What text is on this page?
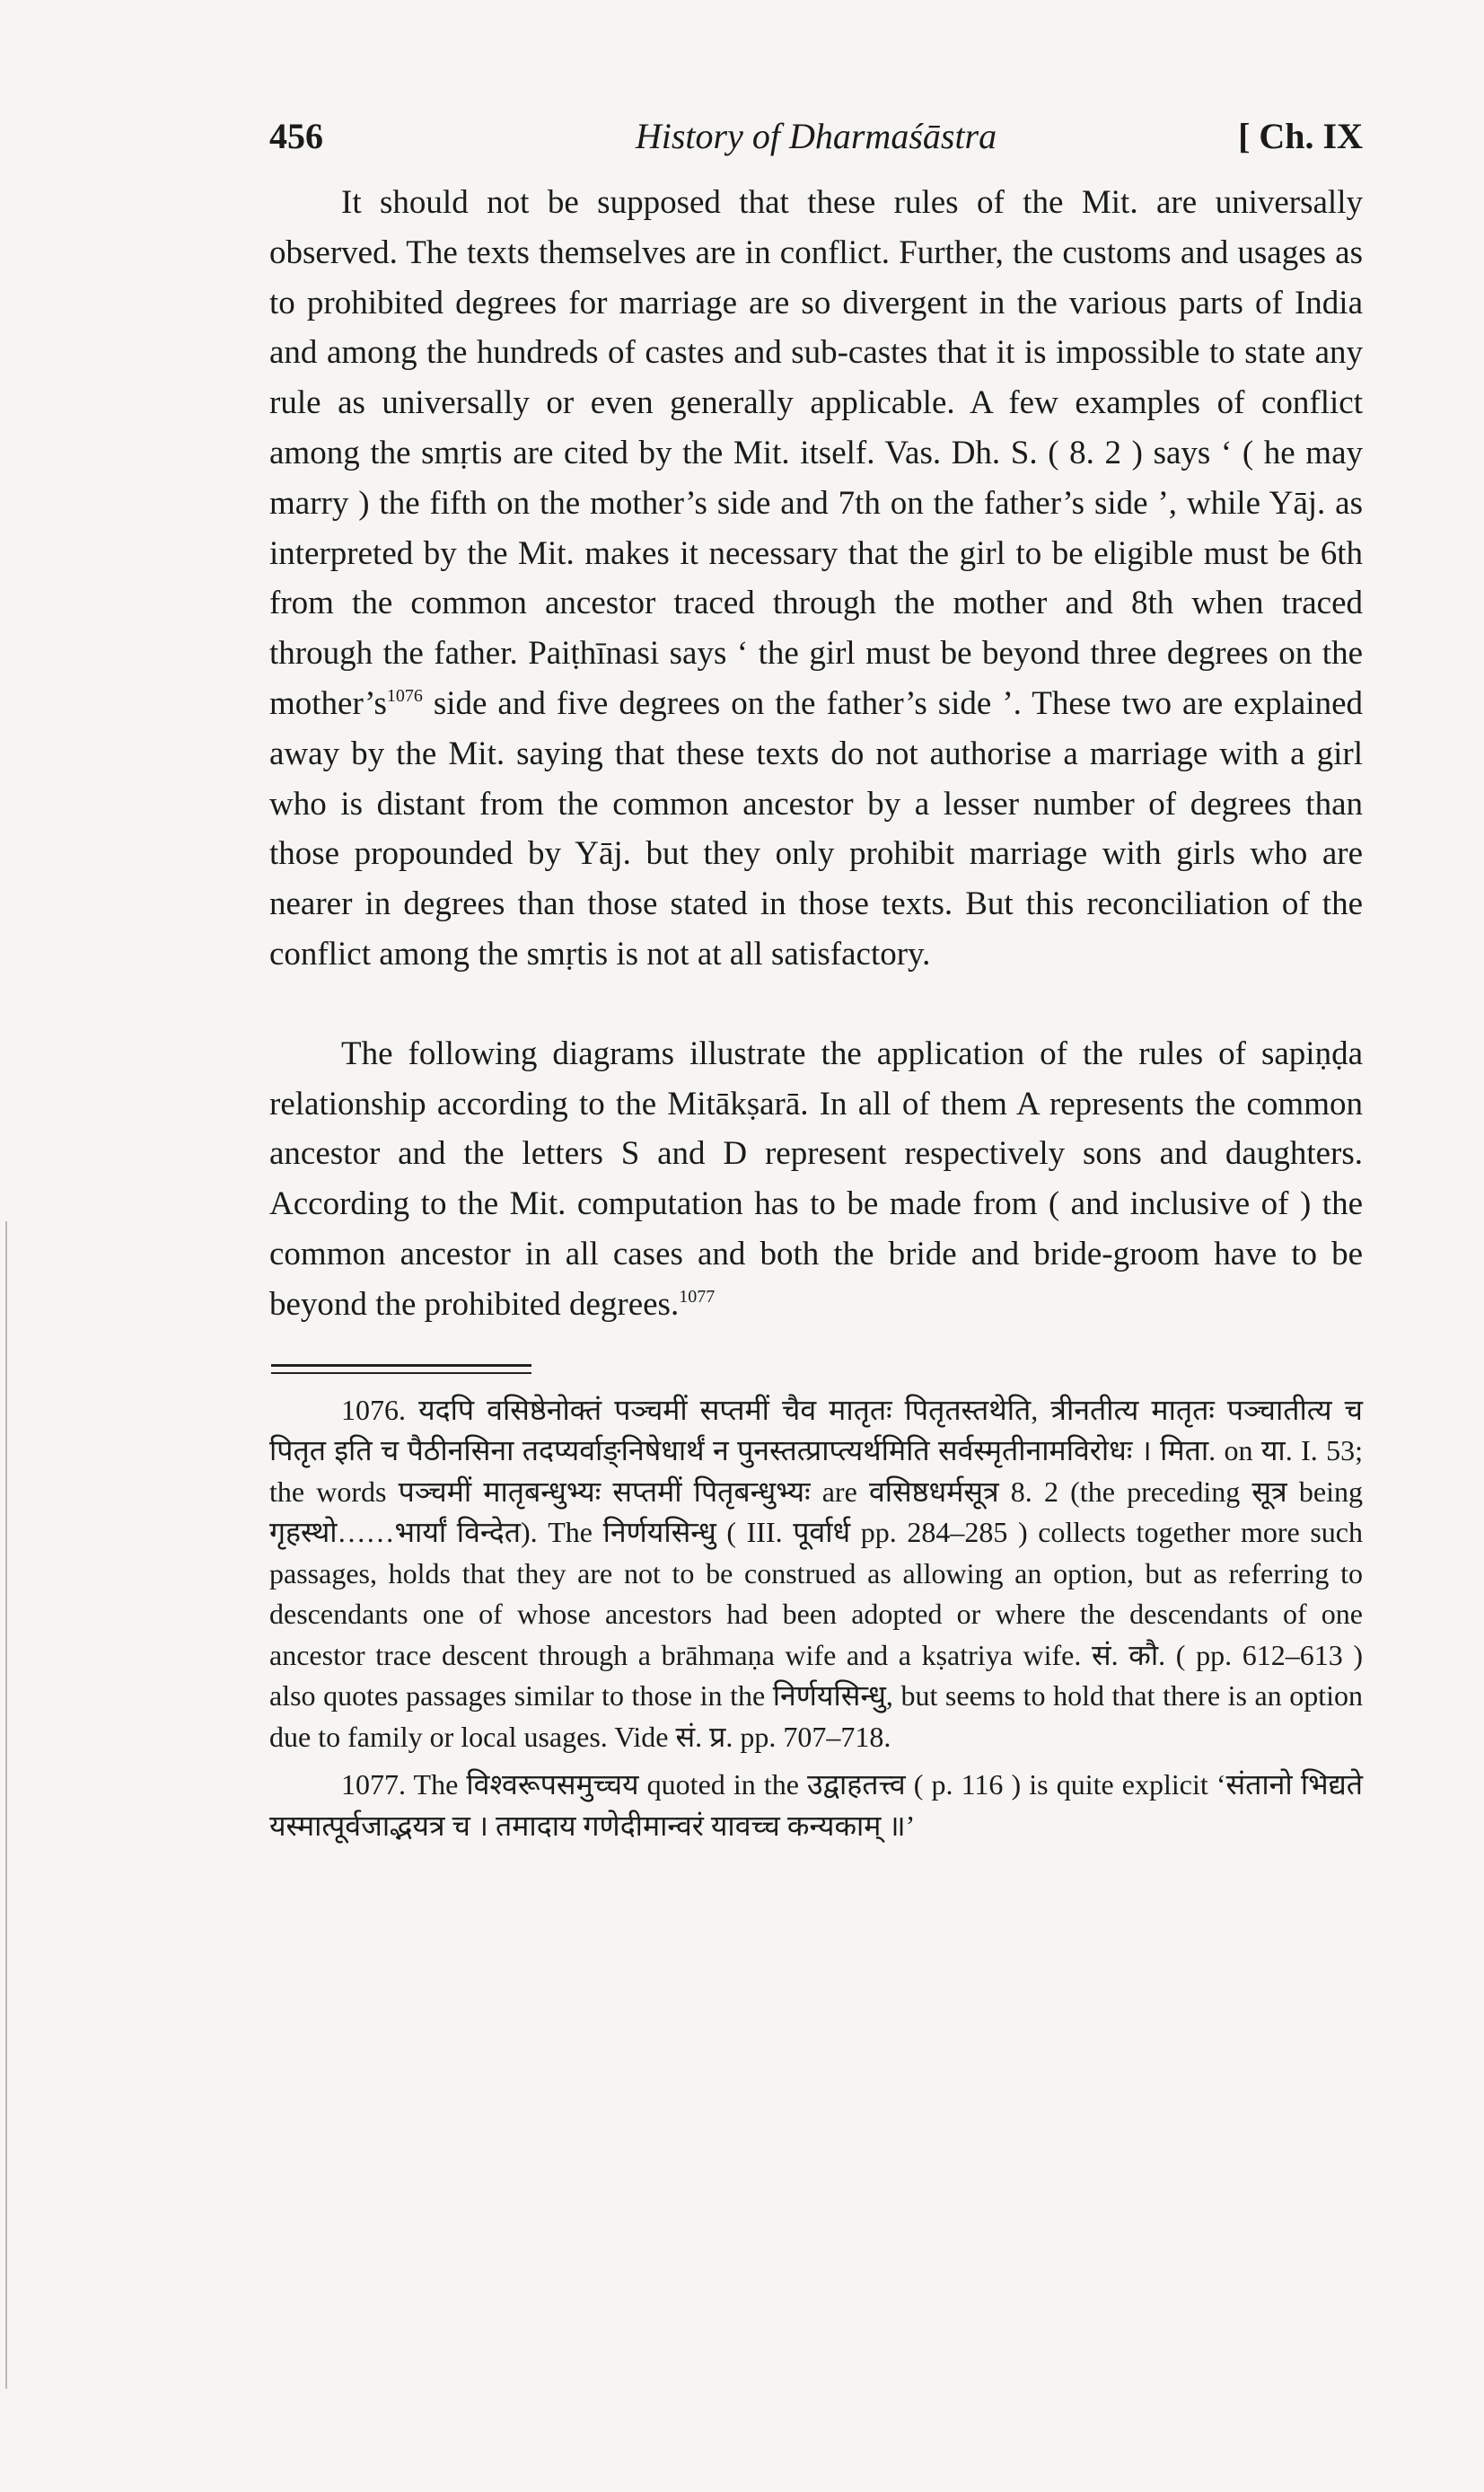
456	History of Dharmaśāstra	[ Ch. IX

It should not be supposed that these rules of the Mit. are universally observed. The texts themselves are in conflict. Further, the customs and usages as to prohibited degrees for marriage are so divergent in the various parts of India and among the hundreds of castes and sub-castes that it is impossible to state any rule as universally or even generally applicable. A few examples of conflict among the smṛtis are cited by the Mit. itself. Vas. Dh. S. ( 8. 2 ) says ‘ ( he may marry ) the fifth on the mother’s side and 7th on the father’s side ’, while Yāj. as interpreted by the Mit. makes it necessary that the girl to be eligible must be 6th from the common ancestor traced through the mother and 8th when traced through the father. Paiṭhīnasi says ‘ the girl must be beyond three degrees on the $mother’s^{1076}$ side and five degrees on the father’s side ’. These two are explained away by the Mit. saying that these texts do not authorise a marriage with a girl who is distant from the common ancestor by a lesser number of degrees than those propounded by Yāj. but they only prohibit marriage with girls who are nearer in degrees than those stated in those texts. But this reconciliation of the conflict among the smṛtis is not at all satisfactory.

The following diagrams illustrate the application of the rules of sapiṇḍa relationship according to the Mitākṣarā. In all of them A represents the common ancestor and the letters S and D represent respectively sons and daughters. According to the Mit. computation has to be made from ( and inclusive of ) the common ancestor in all cases and both the bride and bride-groom have to be beyond the prohibited degrees.$^{1077}$

1076. यदपि वसिष्ठेनोक्तं पञ्चमीं सप्तमीं चैव मातृतः पितृतस्तथेति, त्रीनतीत्य मातृतः पञ्चातीत्य च पितृत इति च पैठीनसिना तदप्यर्वाङ्निषेधार्थं न पुनस्तत्प्राप्त्यर्थमिति सर्वस्मृतीनामविरोधः । मिता. on या. I. 53; the words पञ्चमीं मातृबन्धुभ्यः सप्तमीं पितृबन्धुभ्यः are वसिष्ठधर्मसूत्र 8. 2 (the preceding सूत्र being गृहस्थो……भार्यां विन्देत). The निर्णयसिन्धु ( III. पूर्वार्ध pp. 284–285 ) collects together more such passages, holds that they are not to be construed as allowing an option, but as referring to descendants one of whose ancestors had been adopted or where the descendants of one ancestor trace descent through a brāhmaṇa wife and a kṣatriya wife. सं. कौ. ( pp. 612–613 ) also quotes passages similar to those in the निर्णयसिन्धु, but seems to hold that there is an option due to family or local usages. Vide सं. प्र. pp. 707–718.

1077. The विश्वरूपसमुच्चय quoted in the उद्वाहतत्त्व ( p. 116 ) is quite explicit ‘संतानो भिद्यते यस्मात्पूर्वजाद्भयत्र च । तमादाय गणेदीमान्वरं यावच्च कन्यकाम् ॥’
